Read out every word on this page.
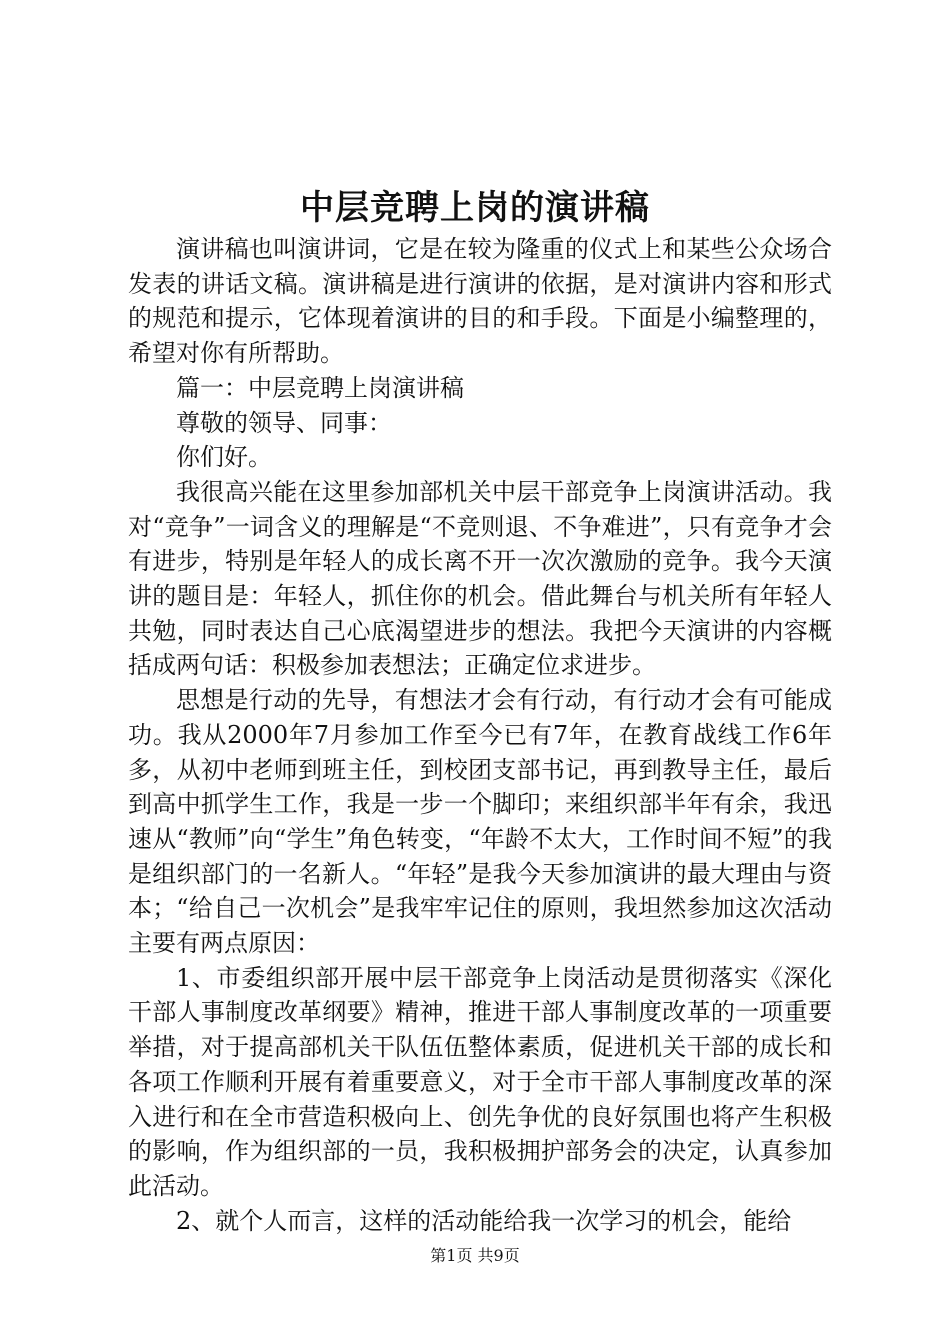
中层竞聘上岗的演讲稿

演讲稿也叫演讲词，它是在较为隆重的仪式上和某些公众场合发表的讲话文稿。演讲稿是进行演讲的依据，是对演讲内容和形式的规范和提示，它体现着演讲的目的和手段。下面是小编整理的，希望对你有所帮助。

篇一：中层竞聘上岗演讲稿

尊敬的领导、同事：

你们好。

我很高兴能在这里参加部机关中层干部竞争上岗演讲活动。我对“竞争”一词含义的理解是“不竞则退、不争难进”，只有竞争才会有进步，特别是年轻人的成长离不开一次次激励的竞争。我今天演讲的题目是：年轻人，抓住你的机会。借此舞台与机关所有年轻人共勉，同时表达自己心底渴望进步的想法。我把今天演讲的内容概括成两句话：积极参加表想法；正确定位求进步。

思想是行动的先导，有想法才会有行动，有行动才会有可能成功。我从2000年7月参加工作至今已有7年，在教育战线工作6年多，从初中老师到班主任，到校团支部书记，再到教导主任，最后到高中抓学生工作，我是一步一个脚印；来组织部半年有余，我迅速从“教师”向“学生”角色转变，“年龄不太大，工作时间不短”的我是组织部门的一名新人。“年轻”是我今天参加演讲的最大理由与资本；“给自己一次机会”是我牢牢记住的原则，我坦然参加这次活动主要有两点原因：

1、市委组织部开展中层干部竞争上岗活动是贯彻落实《深化干部人事制度改革纲要》精神，推进干部人事制度改革的一项重要举措，对于提高部机关干队伍伍整体素质，促进机关干部的成长和各项工作顺利开展有着重要意义，对于全市干部人事制度改革的深入进行和在全市营造积极向上、创先争优的良好氛围也将产生积极的影响，作为组织部的一员，我积极拥护部务会的决定，认真参加此活动。

2、就个人而言，这样的活动能给我一次学习的机会，能给

第1页 共9页
